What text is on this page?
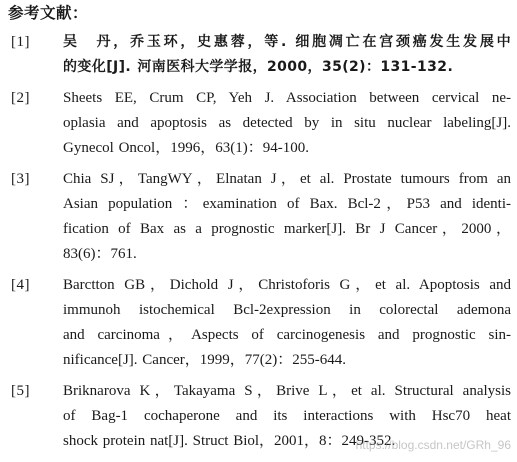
参考文献：
[1] 吴　丹，乔玉环，史惠蓉，等. 细胞凋亡在宫颈癌发生发展中
的变化[J]. 河南医科大学学报，2000，35(2)：131-132.
[2] Sheets EE, Crum CP, Yeh J. Association between cervical ne-
oplasia and apoptosis as detected by in situ nuclear labeling[J].
Gynecol Oncol，1996，63(1)：94-100.
[3] Chia SJ，TangWY，Elnatan J，et al. Prostate tumours from an
Asian population ：examination of Bax. Bcl-2，P53 and identi-
fication of Bax as a prognostic marker[J]. Br J Cancer，2000，
83(6)：761.
[4] Barctton GB，Dichold J，Christoforis G，et al. Apoptosis and
immunoh istochemical Bcl-2expression in colorectal ademona
and carcinoma，Aspects of carcinogenesis and prognostic sin-
nificance[J]. Cancer，1999，77(2)：255-644.
[5] Briknarova K，Takayama S，Brive L，et al. Structural analysis
of Bag-1 cochaperone and its interactions with Hsc70 heat
shock protein nat[J]. Struct Biol，2001，8：249-352.
https://blog.csdn.net/GRh_96
